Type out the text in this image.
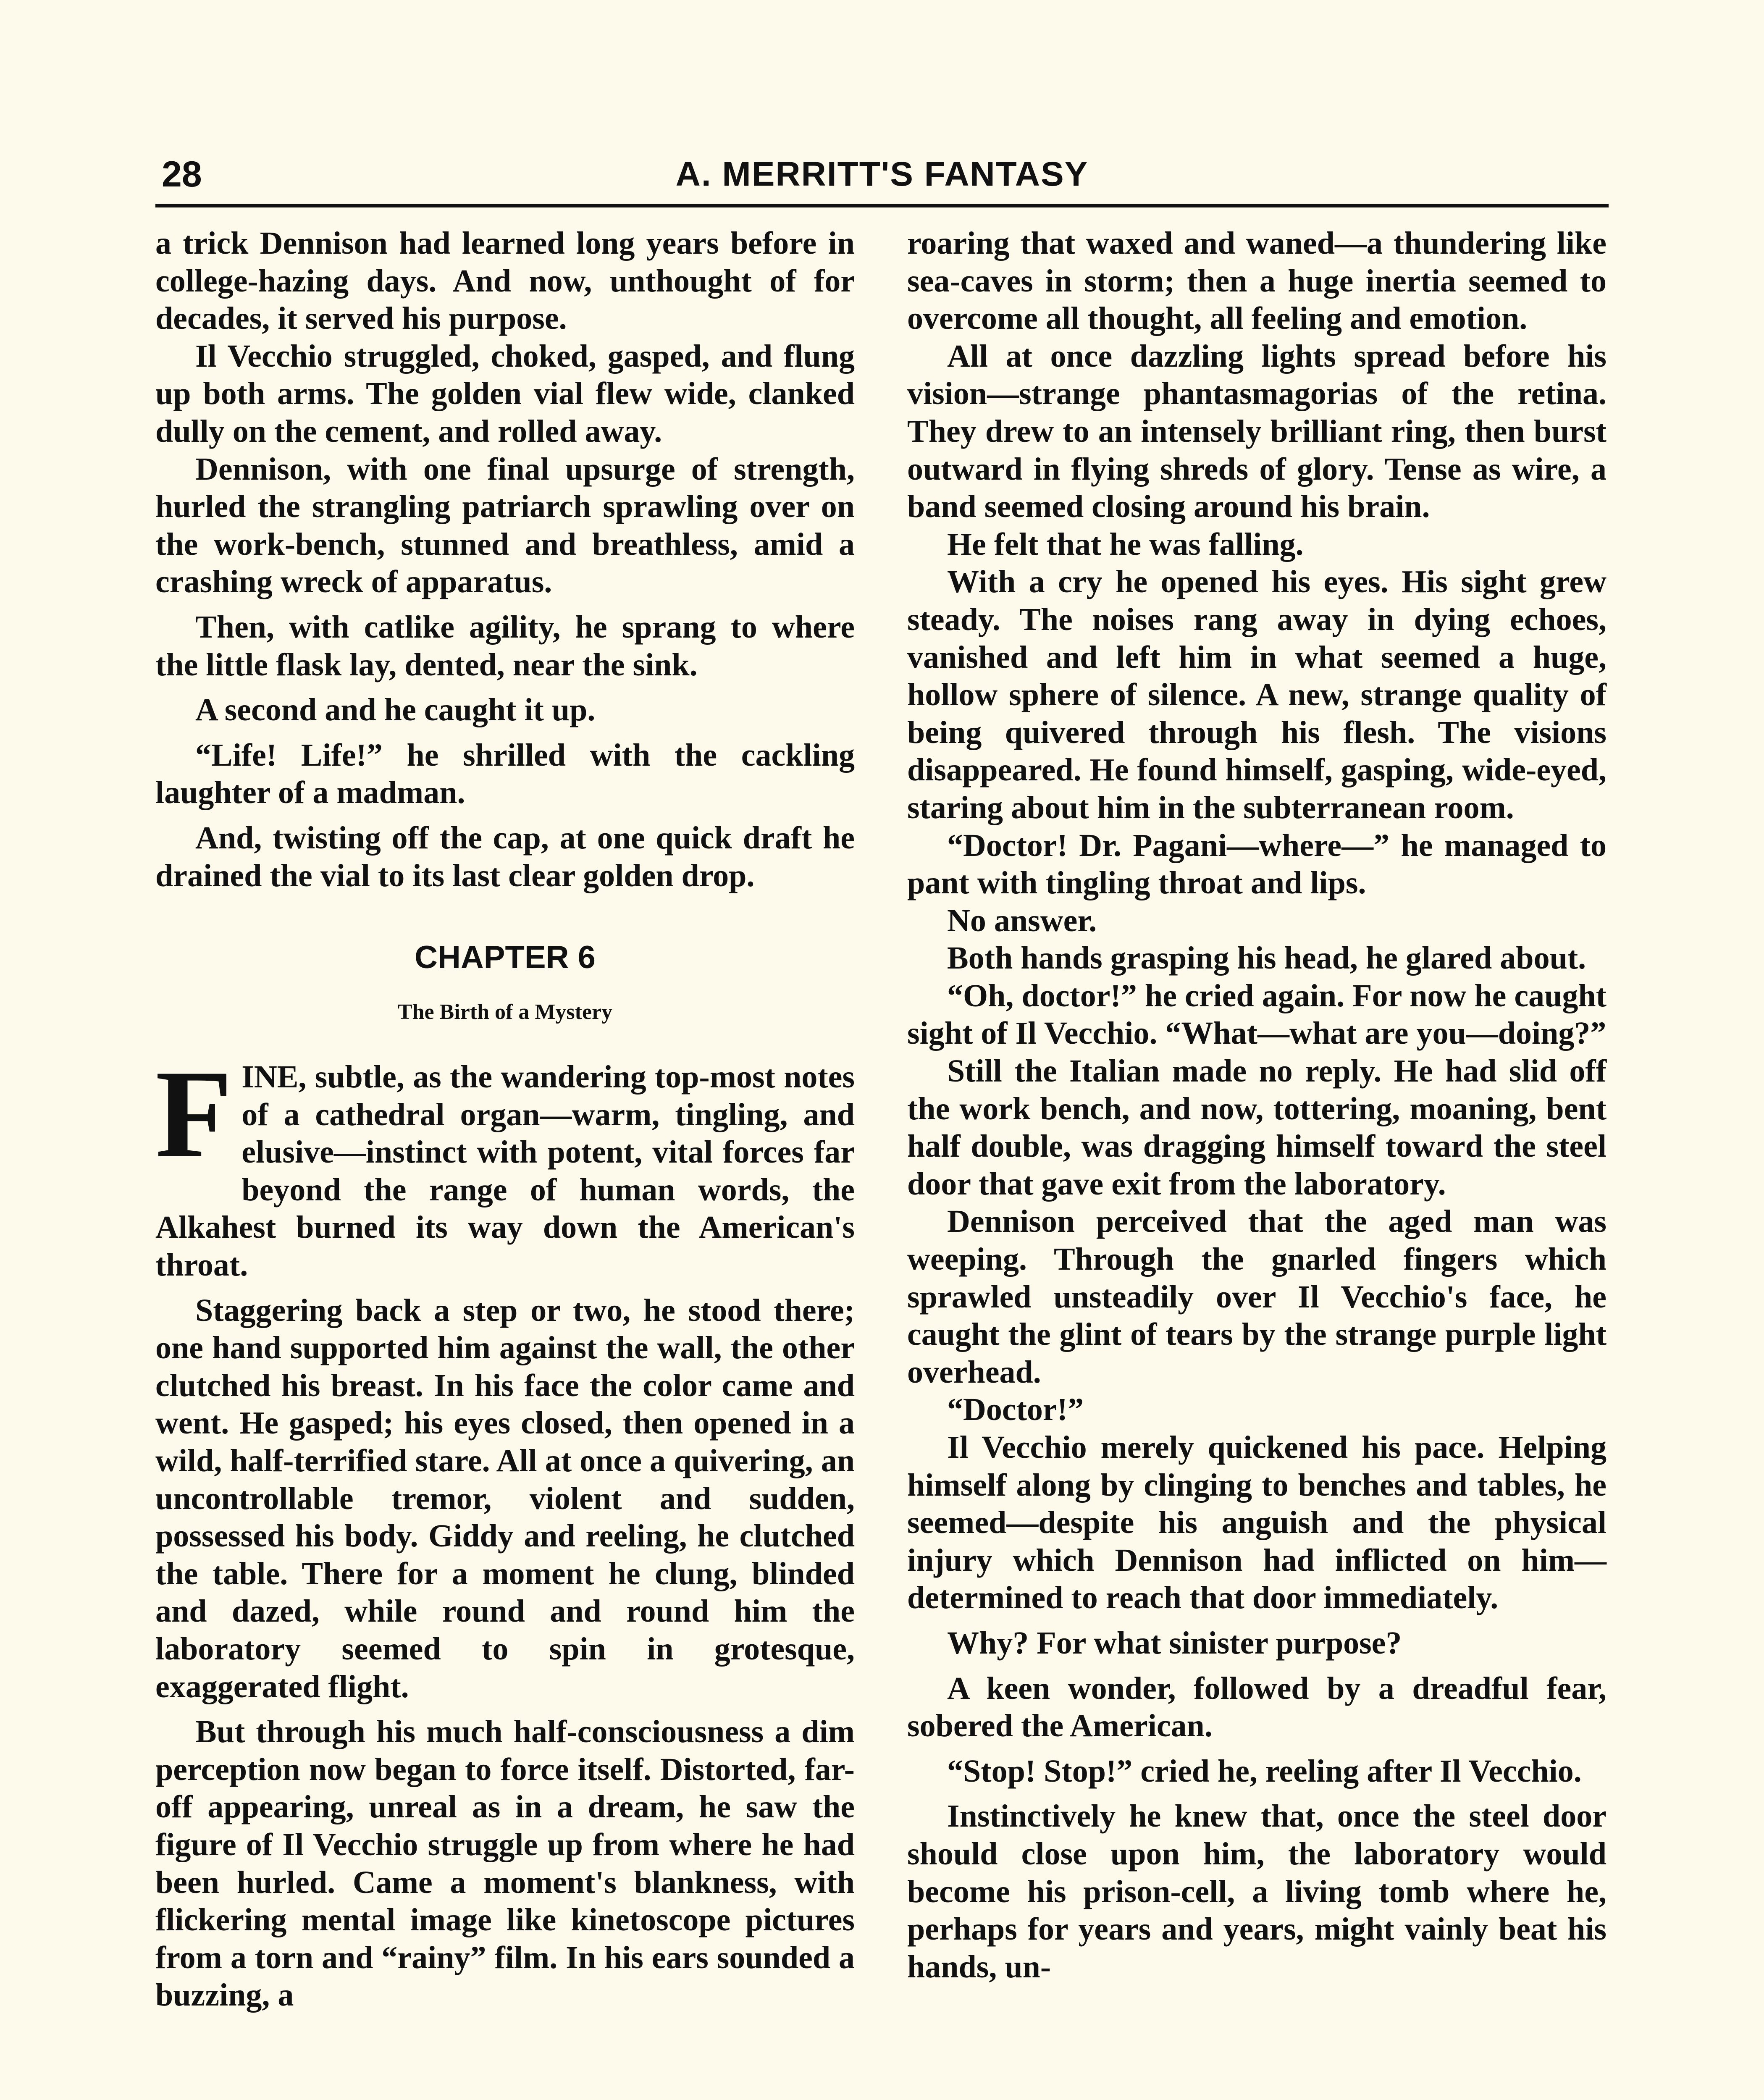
28	A. MERRITT'S FANTASY

a trick Dennison had learned long years before in college-hazing days. And now, unthought of for decades, it served his purpose.

Il Vecchio struggled, choked, gasped, and flung up both arms. The golden vial flew wide, clanked dully on the cement, and rolled away.

Dennison, with one final upsurge of strength, hurled the strangling patriarch sprawling over on the work-bench, stunned and breathless, amid a crashing wreck of apparatus.

Then, with catlike agility, he sprang to where the little flask lay, dented, near the sink.

A second and he caught it up.

“Life! Life!” he shrilled with the cackling laughter of a madman.

And, twisting off the cap, at one quick draft he drained the vial to its last clear golden drop.

CHAPTER 6
The Birth of a Mystery

FINE, subtle, as the wandering top-most notes of a cathedral organ—warm, tingling, and elusive—instinct with potent, vital forces far beyond the range of human words, the Alkahest burned its way down the American's throat.

Staggering back a step or two, he stood there; one hand supported him against the wall, the other clutched his breast. In his face the color came and went. He gasped; his eyes closed, then opened in a wild, half-terrified stare. All at once a quivering, an uncontrollable tremor, violent and sudden, possessed his body. Giddy and reeling, he clutched the table. There for a moment he clung, blinded and dazed, while round and round him the laboratory seemed to spin in grotesque, exaggerated flight.

But through his much half-consciousness a dim perception now began to force itself. Distorted, far-off appearing, unreal as in a dream, he saw the figure of Il Vecchio struggle up from where he had been hurled. Came a moment's blankness, with flickering mental image like kinetoscope pictures from a torn and “rainy” film. In his ears sounded a buzzing, a

roaring that waxed and waned—a thundering like sea-caves in storm; then a huge inertia seemed to overcome all thought, all feeling and emotion.

All at once dazzling lights spread before his vision—strange phantasmagorias of the retina. They drew to an intensely brilliant ring, then burst outward in flying shreds of glory. Tense as wire, a band seemed closing around his brain.

He felt that he was falling.

With a cry he opened his eyes. His sight grew steady. The noises rang away in dying echoes, vanished and left him in what seemed a huge, hollow sphere of silence. A new, strange quality of being quivered through his flesh. The visions disappeared. He found himself, gasping, wide-eyed, staring about him in the subterranean room.

“Doctor! Dr. Pagani—where—” he managed to pant with tingling throat and lips.

No answer.

Both hands grasping his head, he glared about.

“Oh, doctor!” he cried again. For now he caught sight of Il Vecchio. “What—what are you—doing?”

Still the Italian made no reply. He had slid off the work bench, and now, tottering, moaning, bent half double, was dragging himself toward the steel door that gave exit from the laboratory.

Dennison perceived that the aged man was weeping. Through the gnarled fingers which sprawled unsteadily over Il Vecchio's face, he caught the glint of tears by the strange purple light overhead.

“Doctor!”

Il Vecchio merely quickened his pace. Helping himself along by clinging to benches and tables, he seemed—despite his anguish and the physical injury which Dennison had inflicted on him—determined to reach that door immediately.

Why? For what sinister purpose?

A keen wonder, followed by a dreadful fear, sobered the American.

“Stop! Stop!” cried he, reeling after Il Vecchio.

Instinctively he knew that, once the steel door should close upon him, the laboratory would become his prison-cell, a living tomb where he, perhaps for years and years, might vainly beat his hands, un-
